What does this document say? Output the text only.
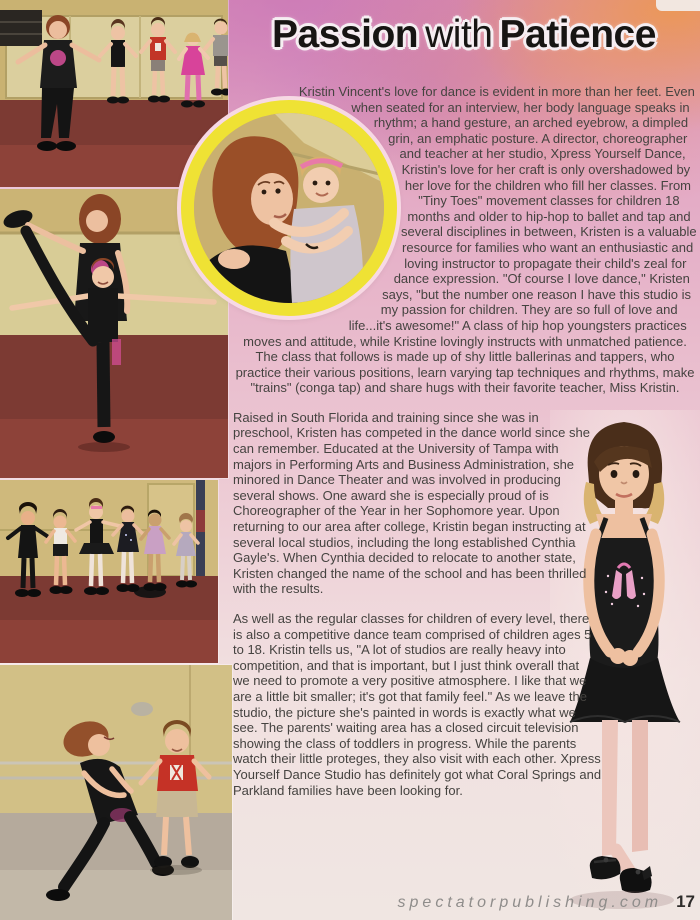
Passion with Patience

Kristin Vincent's love for dance is evident in more than her feet. Even when seated for an interview, her body language speaks in rhythm; a hand gesture, an arched eyebrow, a dimpled grin, an emphatic posture. A director, choreographer and teacher at her studio, Xpress Yourself Dance, Kristin's love for her craft is only overshadowed by her love for the children who fill her classes. From "Tiny Toes" movement classes for children 18 months and older to hip-hop to ballet and tap and several disciplines in between, Kristen is a valuable resource for families who want an enthusiastic and loving instructor to propagate their child's zeal for dance expression. "Of course I love dance," Kristen says, "but the number one reason I have this studio is my passion for children. They are so full of love and life...it's awesome!" A class of hip hop youngsters practices moves and attitude, while Kristine lovingly instructs with unmatched patience. The class that follows is made up of shy little ballerinas and tappers, who practice their various positions, learn varying tap techniques and rhythms, make "trains" (conga tap) and share hugs with their favorite teacher, Miss Kristin.

Raised in South Florida and training since she was in preschool, Kristen has competed in the dance world since she can remember. Educated at the University of Tampa with majors in Performing Arts and Business Administration, she minored in Dance Theater and was involved in producing several shows. One award she is especially proud of is Choreographer of the Year in her Sophomore year. Upon returning to our area after college, Kristin began instructing at several local studios, including the long established Cynthia Gayle's. When Cynthia decided to relocate to another state, Kristen changed the name of the school and has been thrilled with the results.

As well as the regular classes for children of every level, there is also a competitive dance team comprised of children ages 5 to 18. Kristin tells us, "A lot of studios are really heavy into competition, and that is important, but I just think overall that we need to promote a very positive atmosphere. I like that we are a little bit smaller; it's got that family feel." As we leave the studio, the picture she's painted in words is exactly what we see. The parents' waiting area has a closed circuit television showing the class of toddlers in progress. While the parents watch their little proteges, they also visit with each other. Xpress Yourself Dance Studio has definitely got what Coral Springs and Parkland families have been looking for.

spectatorpublishing.com 17
